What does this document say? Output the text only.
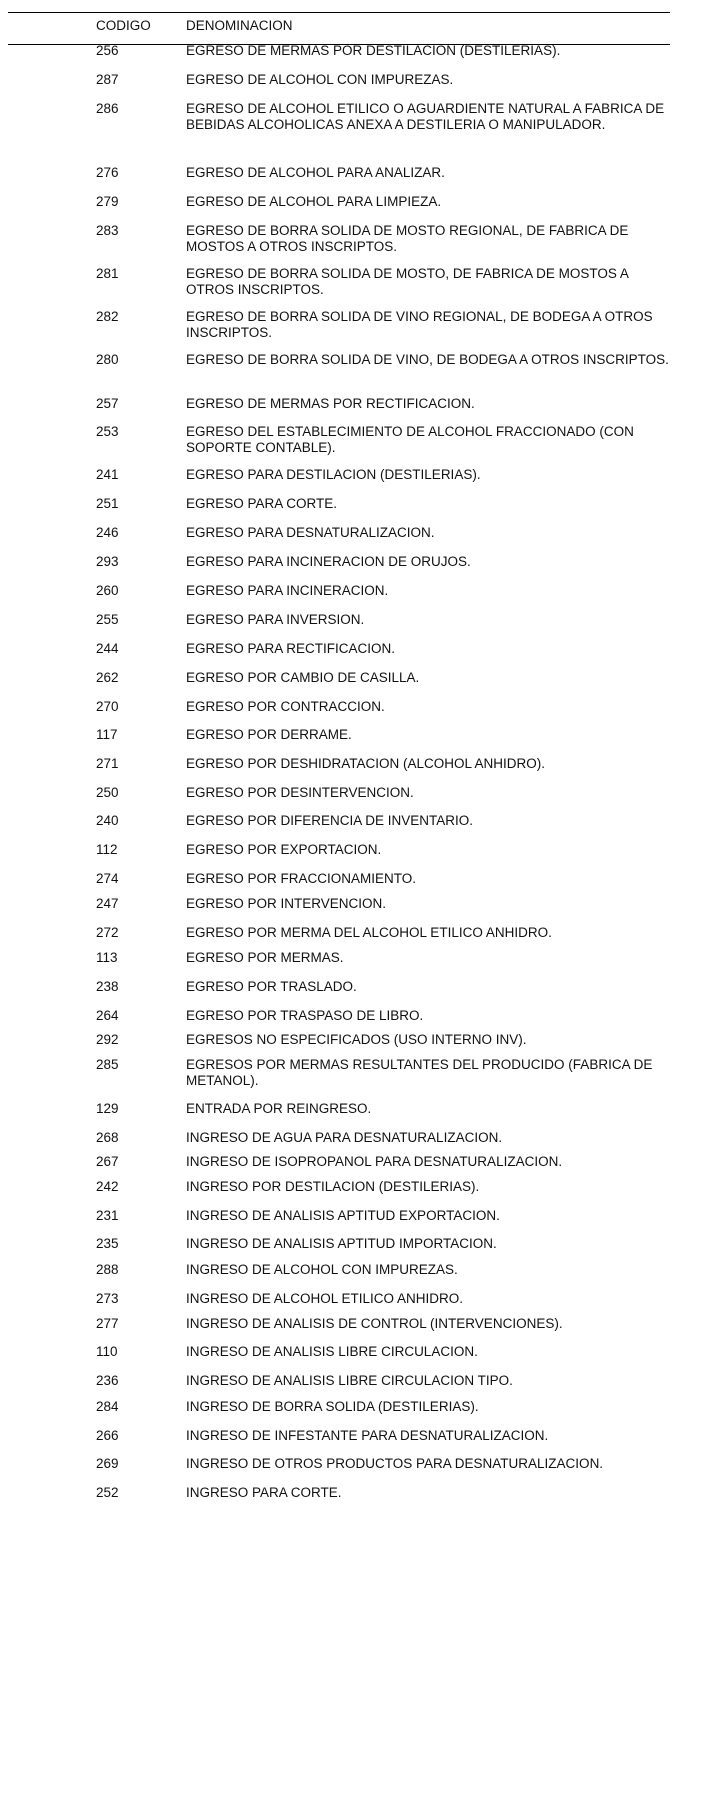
CODIGO	DENOMINACION
256	EGRESO DE MERMAS POR DESTILACION (DESTILERIAS).
287	EGRESO DE ALCOHOL CON IMPUREZAS.
286	EGRESO DE ALCOHOL ETILICO O AGUARDIENTE NATURAL A FABRICA DE BEBIDAS ALCOHOLICAS ANEXA A DESTILERIA O MANIPULADOR.
276	EGRESO DE ALCOHOL PARA ANALIZAR.
279	EGRESO DE ALCOHOL PARA LIMPIEZA.
283	EGRESO DE BORRA SOLIDA DE MOSTO REGIONAL, DE FABRICA DE MOSTOS A OTROS INSCRIPTOS.
281	EGRESO DE BORRA SOLIDA DE MOSTO, DE FABRICA DE MOSTOS A OTROS INSCRIPTOS.
282	EGRESO DE BORRA SOLIDA DE VINO REGIONAL, DE BODEGA A OTROS INSCRIPTOS.
280	EGRESO DE BORRA SOLIDA DE VINO, DE BODEGA A OTROS INSCRIPTOS.
257	EGRESO DE MERMAS POR RECTIFICACION.
253	EGRESO DEL ESTABLECIMIENTO DE ALCOHOL FRACCIONADO (CON SOPORTE CONTABLE).
241	EGRESO PARA DESTILACION (DESTILERIAS).
251	EGRESO PARA CORTE.
246	EGRESO PARA DESNATURALIZACION.
293	EGRESO PARA INCINERACION DE ORUJOS.
260	EGRESO PARA INCINERACION.
255	EGRESO PARA INVERSION.
244	EGRESO PARA RECTIFICACION.
262	EGRESO POR CAMBIO DE CASILLA.
270	EGRESO POR CONTRACCION.
117	EGRESO POR DERRAME.
271	EGRESO POR DESHIDRATACION (ALCOHOL ANHIDRO).
250	EGRESO POR DESINTERVENCION.
240	EGRESO POR DIFERENCIA DE INVENTARIO.
112	EGRESO POR EXPORTACION.
274	EGRESO POR FRACCIONAMIENTO.
247	EGRESO POR INTERVENCION.
272	EGRESO POR MERMA DEL ALCOHOL ETILICO ANHIDRO.
113	EGRESO POR MERMAS.
238	EGRESO POR TRASLADO.
264	EGRESO POR TRASPASO DE LIBRO.
292	EGRESOS NO ESPECIFICADOS (USO INTERNO INV).
285	EGRESOS POR MERMAS RESULTANTES DEL PRODUCIDO (FABRICA DE METANOL).
129	ENTRADA POR REINGRESO.
268	INGRESO DE AGUA PARA DESNATURALIZACION.
267	INGRESO DE ISOPROPANOL PARA DESNATURALIZACION.
242	INGRESO POR DESTILACION (DESTILERIAS).
231	INGRESO DE ANALISIS APTITUD EXPORTACION.
235	INGRESO DE ANALISIS APTITUD IMPORTACION.
288	INGRESO DE ALCOHOL CON IMPUREZAS.
273	INGRESO DE ALCOHOL ETILICO ANHIDRO.
277	INGRESO DE ANALISIS DE CONTROL (INTERVENCIONES).
110	INGRESO DE ANALISIS LIBRE CIRCULACION.
236	INGRESO DE ANALISIS LIBRE CIRCULACION TIPO.
284	INGRESO DE BORRA SOLIDA (DESTILERIAS).
266	INGRESO DE INFESTANTE PARA DESNATURALIZACION.
269	INGRESO DE OTROS PRODUCTOS PARA DESNATURALIZACION.
252	INGRESO PARA CORTE.
